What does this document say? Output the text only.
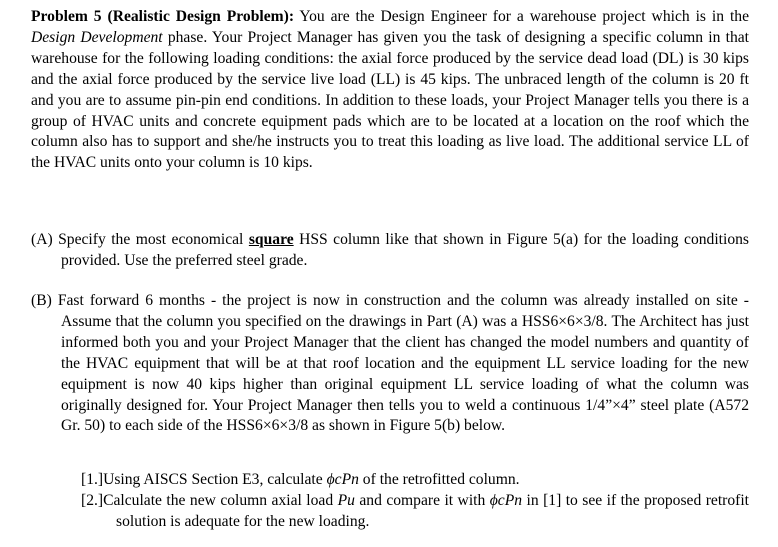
Problem 5 (Realistic Design Problem): You are the Design Engineer for a warehouse project which is in the Design Development phase. Your Project Manager has given you the task of designing a specific column in that warehouse for the following loading conditions: the axial force produced by the service dead load (DL) is 30 kips and the axial force produced by the service live load (LL) is 45 kips. The unbraced length of the column is 20 ft and you are to assume pin-pin end conditions. In addition to these loads, your Project Manager tells you there is a group of HVAC units and concrete equipment pads which are to be located at a location on the roof which the column also has to support and she/he instructs you to treat this loading as live load. The additional service LL of the HVAC units onto your column is 10 kips.

(A) Specify the most economical square HSS column like that shown in Figure 5(a) for the loading conditions provided. Use the preferred steel grade.

(B) Fast forward 6 months - the project is now in construction and the column was already installed on site - Assume that the column you specified on the drawings in Part (A) was a HSS6×6×3/8. The Architect has just informed both you and your Project Manager that the client has changed the model numbers and quantity of the HVAC equipment that will be at that roof location and the equipment LL service loading for the new equipment is now 40 kips higher than original equipment LL service loading of what the column was originally designed for. Your Project Manager then tells you to weld a continuous 1/4”×4” steel plate (A572 Gr. 50) to each side of the HSS6×6×3/8 as shown in Figure 5(b) below.

[1.]Using AISCS Section E3, calculate ϕcPn of the retrofitted column.

[2.]Calculate the new column axial load Pu and compare it with ϕcPn in [1] to see if the proposed retrofit solution is adequate for the new loading.
